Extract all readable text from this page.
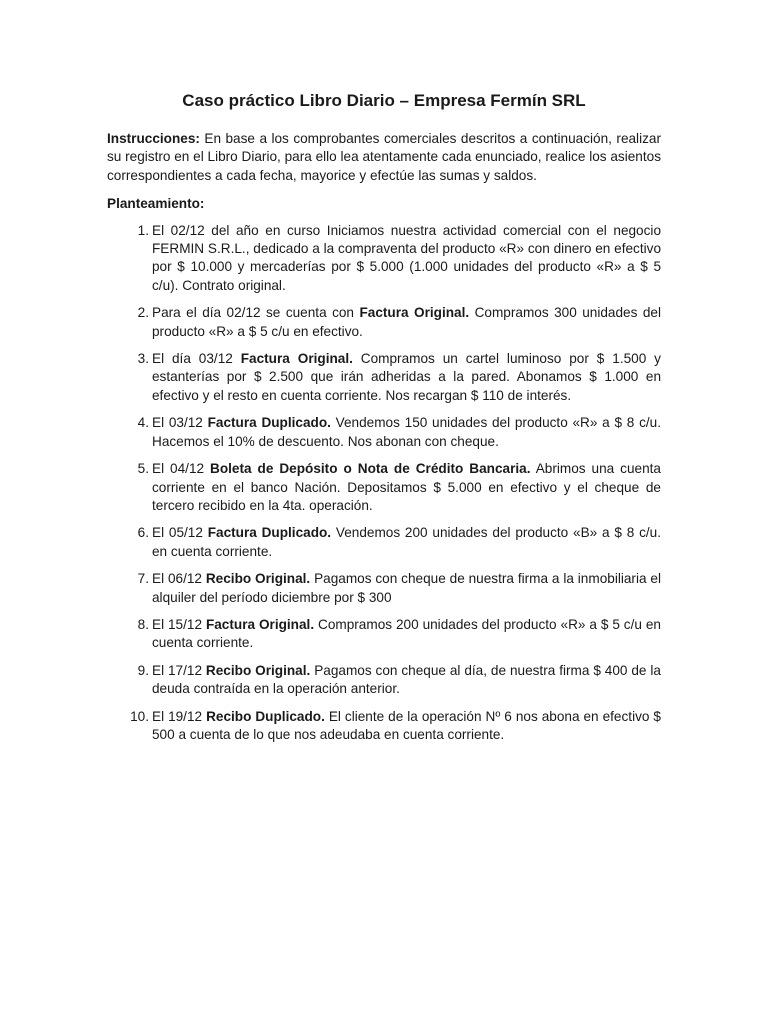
Caso práctico Libro Diario – Empresa Fermín SRL

Instrucciones: En base a los comprobantes comerciales descritos a continuación, realizar su registro en el Libro Diario, para ello lea atentamente cada enunciado, realice los asientos correspondientes a cada fecha, mayorice y efectúe las sumas y saldos.

Planteamiento:
1. El 02/12 del año en curso Iniciamos nuestra actividad comercial con el negocio FERMIN S.R.L., dedicado a la compraventa del producto «R» con dinero en efectivo por $ 10.000 y mercaderías por $ 5.000 (1.000 unidades del producto «R» a $ 5 c/u). Contrato original.
2. Para el día 02/12 se cuenta con Factura Original. Compramos 300 unidades del producto «R» a $ 5 c/u en efectivo.
3. El día 03/12 Factura Original. Compramos un cartel luminoso por $ 1.500 y estanterías por $ 2.500 que irán adheridas a la pared. Abonamos $ 1.000 en efectivo y el resto en cuenta corriente. Nos recargan $ 110 de interés.
4. El 03/12 Factura Duplicado. Vendemos 150 unidades del producto «R» a $ 8 c/u. Hacemos el 10% de descuento. Nos abonan con cheque.
5. El 04/12 Boleta de Depósito o Nota de Crédito Bancaria. Abrimos una cuenta corriente en el banco Nación. Depositamos $ 5.000 en efectivo y el cheque de tercero recibido en la 4ta. operación.
6. El 05/12 Factura Duplicado. Vendemos 200 unidades del producto «B» a $ 8 c/u. en cuenta corriente.
7. El 06/12 Recibo Original. Pagamos con cheque de nuestra firma a la inmobiliaria el alquiler del período diciembre por $ 300
8. El 15/12 Factura Original. Compramos 200 unidades del producto «R» a $ 5 c/u en cuenta corriente.
9. El 17/12 Recibo Original. Pagamos con cheque al día, de nuestra firma $ 400 de la deuda contraída en la operación anterior.
10. El 19/12 Recibo Duplicado. El cliente de la operación Nº 6 nos abona en efectivo $ 500 a cuenta de lo que nos adeudaba en cuenta corriente.
